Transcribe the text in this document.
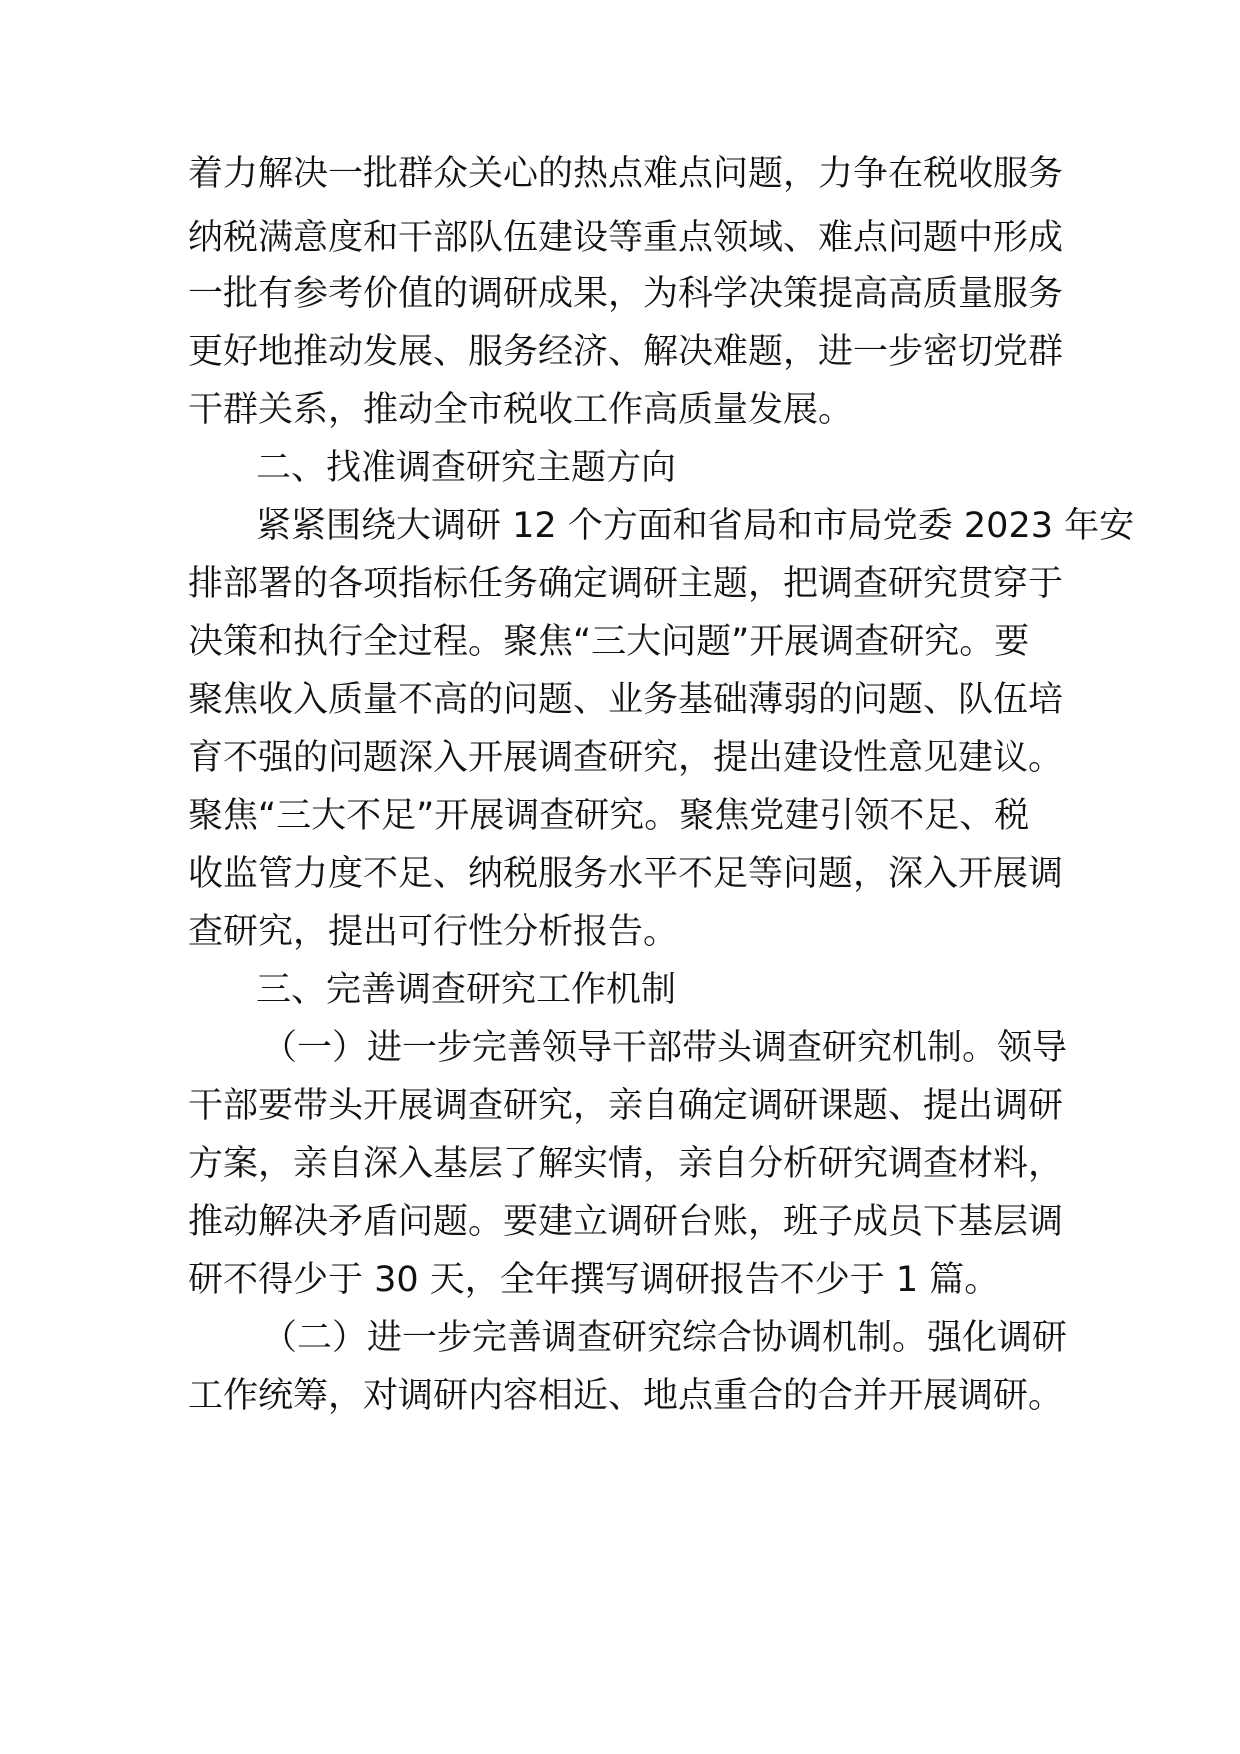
着力解决一批群众关心的热点难点问题，力争在税收服务
纳税满意度和干部队伍建设等重点领域、难点问题中形成
一批有参考价值的调研成果，为科学决策提高高质量服务
更好地推动发展、服务经济、解决难题，进一步密切党群
干群关系，推动全市税收工作高质量发展。
二、找准调查研究主题方向
紧紧围绕大调研 12 个方面和省局和市局党委 2023 年安
排部署的各项指标任务确定调研主题，把调查研究贯穿于
决策和执行全过程。聚焦“三大问题”开展调查研究。要
聚焦收入质量不高的问题、业务基础薄弱的问题、队伍培
育不强的问题深入开展调查研究，提出建设性意见建议。
聚焦“三大不足”开展调查研究。聚焦党建引领不足、税
收监管力度不足、纳税服务水平不足等问题，深入开展调
查研究，提出可行性分析报告。
三、完善调查研究工作机制
（一）进一步完善领导干部带头调查研究机制。领导
干部要带头开展调查研究，亲自确定调研课题、提出调研
方案，亲自深入基层了解实情，亲自分析研究调查材料，
推动解决矛盾问题。要建立调研台账，班子成员下基层调
研不得少于 30 天，全年撰写调研报告不少于 1 篇。
（二）进一步完善调查研究综合协调机制。强化调研
工作统筹，对调研内容相近、地点重合的合并开展调研。
